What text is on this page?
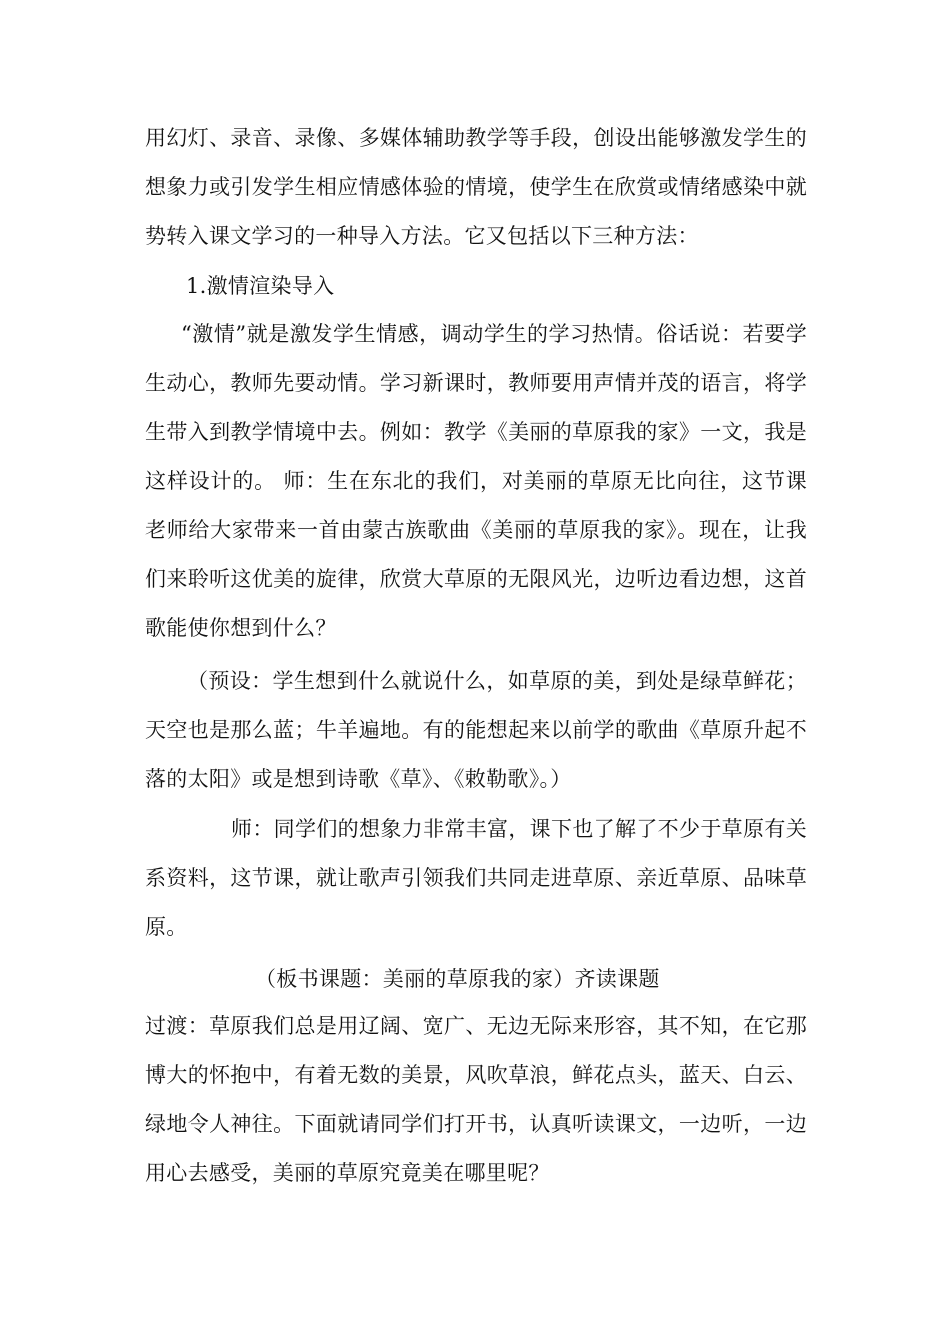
用幻灯、录音、录像、多媒体辅助教学等手段，创设出能够激发学生的想象力或引发学生相应情感体验的情境，使学生在欣赏或情绪感染中就势转入课文学习的一种导入方法。它又包括以下三种方法：

1.激情渲染导入

“激情”就是激发学生情感，调动学生的学习热情。俗话说：若要学生动心，教师先要动情。学习新课时，教师要用声情并茂的语言，将学生带入到教学情境中去。例如：教学《美丽的草原我的家》一文，我是这样设计的。 师：生在东北的我们，对美丽的草原无比向往，这节课老师给大家带来一首由蒙古族歌曲《美丽的草原我的家》。现在，让我们来聆听这优美的旋律，欣赏大草原的无限风光，边听边看边想，这首歌能使你想到什么？

（预设：学生想到什么就说什么，如草原的美，到处是绿草鲜花；天空也是那么蓝；牛羊遍地。有的能想起来以前学的歌曲《草原升起不落的太阳》或是想到诗歌《草》、《敕勒歌》。）

师：同学们的想象力非常丰富，课下也了解了不少于草原有关系资料，这节课，就让歌声引领我们共同走进草原、亲近草原、品味草原。

（板书课题：美丽的草原我的家）齐读课题

过渡：草原我们总是用辽阔、宽广、无边无际来形容，其不知，在它那博大的怀抱中，有着无数的美景，风吹草浪，鲜花点头，蓝天、白云、绿地令人神往。下面就请同学们打开书，认真听读课文，一边听，一边用心去感受，美丽的草原究竟美在哪里呢？
